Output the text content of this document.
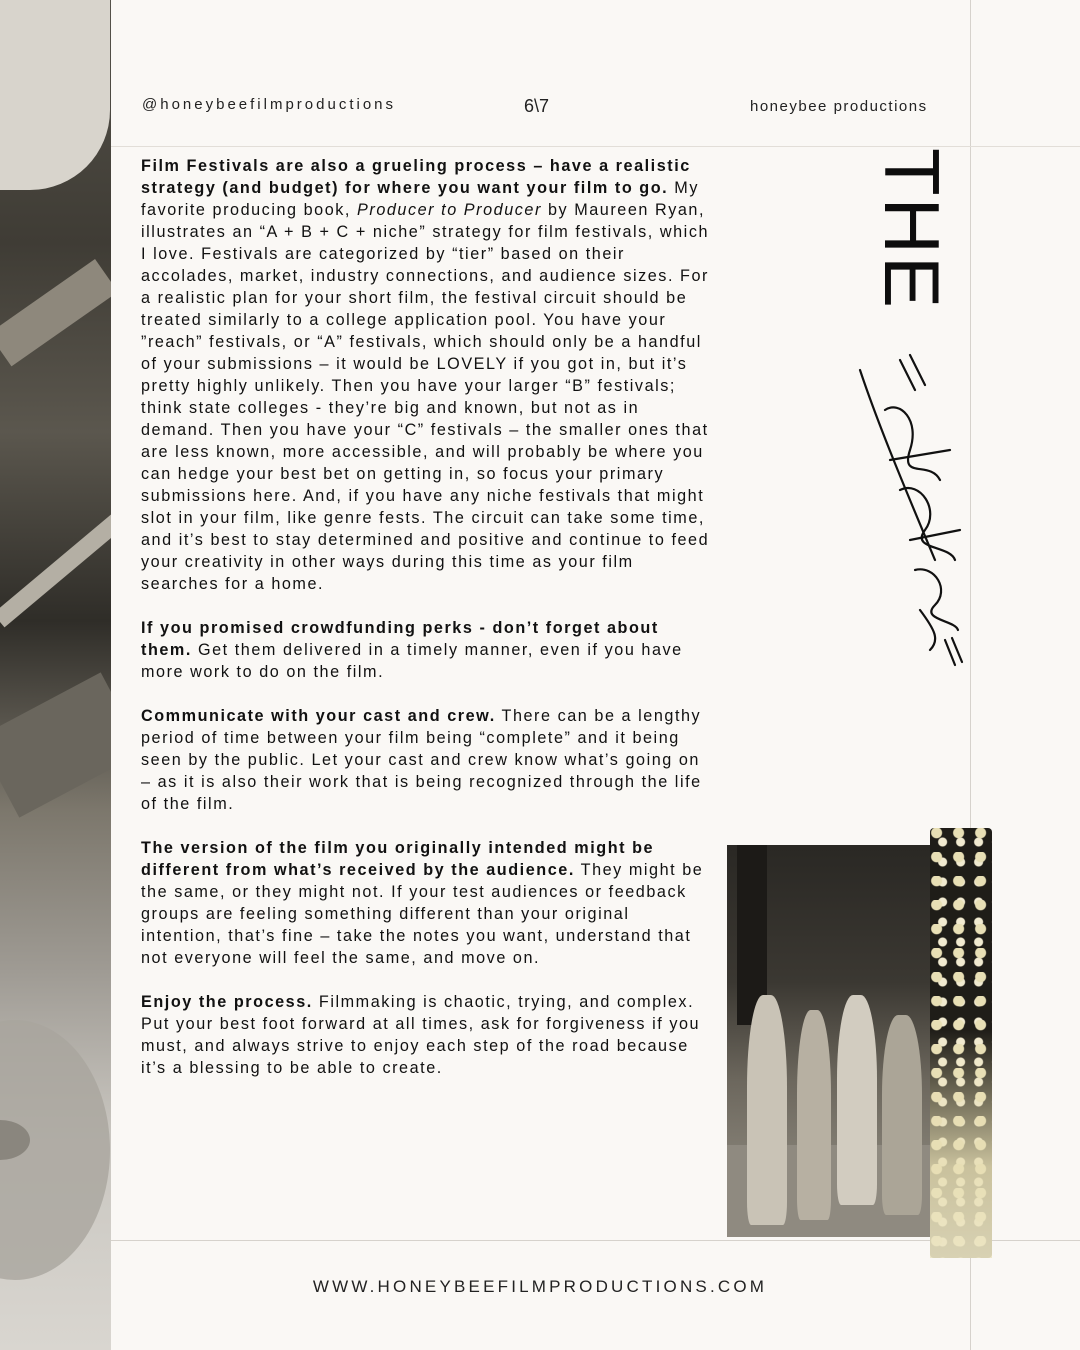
@honeybeefilmproductions	6\7	honeybee productions

Film Festivals are also a grueling process – have a realistic strategy (and budget) for where you want your film to go. My favorite producing book, Producer to Producer by Maureen Ryan, illustrates an “A + B + C + niche” strategy for film festivals, which I love. Festivals are categorized by “tier” based on their accolades, market, industry connections, and audience sizes. For a realistic plan for your short film, the festival circuit should be treated similarly to a college application pool. You have your ”reach” festivals, or “A” festivals, which should only be a handful of your submissions – it would be LOVELY if you got in, but it’s pretty highly unlikely. Then you have your larger “B” festivals; think state colleges - they’re big and known, but not as in demand. Then you have your “C” festivals – the smaller ones that are less known, more accessible, and will probably be where you can hedge your best bet on getting in, so focus your primary submissions here. And, if you have any niche festivals that might slot in your film, like genre fests. The circuit can take some time, and it’s best to stay determined and positive and continue to feed your creativity in other ways during this time as your film searches for a home.

If you promised crowdfunding perks - don’t forget about them. Get them delivered in a timely manner, even if you have more work to do on the film.

Communicate with your cast and crew. There can be a lengthy period of time between your film being “complete” and it being seen by the public. Let your cast and crew know what’s going on – as it is also their work that is being recognized through the life of the film.

The version of the film you originally intended might be different from what’s received by the audience. They might be the same, or they might not. If your test audiences or feedback groups are feeling something different than your original intention, that’s fine – take the notes you want, understand that not everyone will feel the same, and move on.

Enjoy the process. Filmmaking is chaotic, trying, and complex. Put your best foot forward at all times, ask for forgiveness if you must, and always strive to enjoy each step of the road because it’s a blessing to be able to create.

THE
WWW.HONEYBEEFILMPRODUCTIONS.COM
